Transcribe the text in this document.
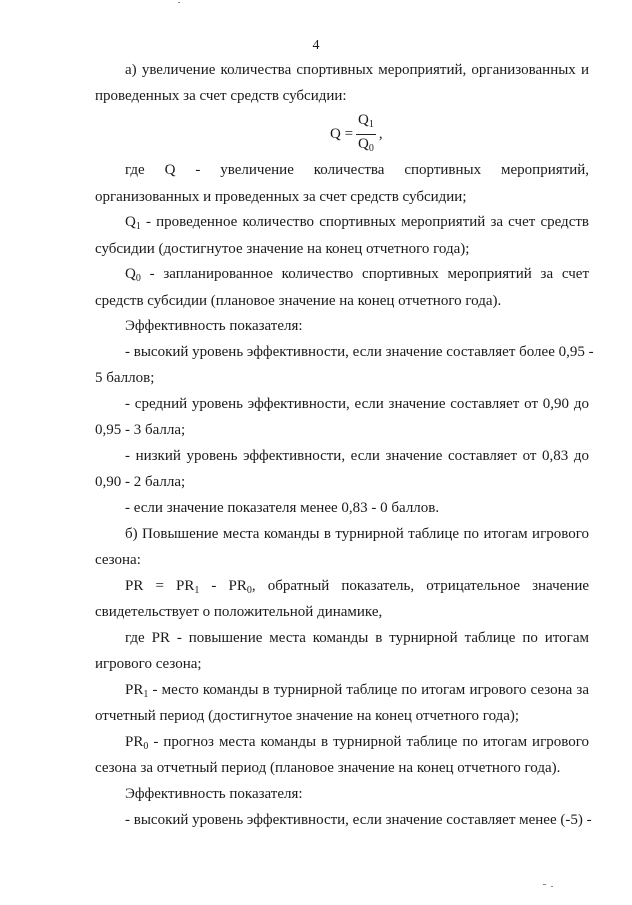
4
$Q = \frac{Q_1}{Q_0}$ ,
а) увеличение количества спортивных мероприятий, организованных и
проведенных за счет средств субсидии:
где Q - увеличение количества спортивных мероприятий,
организованных и проведенных за счет средств субсидии;
$Q_1$ - проведенное количество спортивных мероприятий за счет средств
субсидии (достигнутое значение на конец отчетного года);
$Q_0$ - запланированное количество спортивных мероприятий за счет
средств субсидии (плановое значение на конец отчетного года).
Эффективность показателя:
- высокий уровень эффективности, если значение составляет более 0,95 -
5 баллов;
- средний уровень эффективности, если значение составляет от 0,90 до
0,95 - 3 балла;
- низкий уровень эффективности, если значение составляет от 0,83 до
0,90 - 2 балла;
- если значение показателя менее 0,83 - 0 баллов.
б) Повышение места команды в турнирной таблице по итогам игрового
сезона:
PR = $PR_1 - PR_0$, обратный показатель, отрицательное значение
свидетельствует о положительной динамике,
где PR - повышение места команды в турнирной таблице по итогам
игрового сезона;
$PR_1$ - место команды в турнирной таблице по итогам игрового сезона за
отчетный период (достигнутое значение на конец отчетного года);
$PR_0$ - прогноз места команды в турнирной таблице по итогам игрового
сезона за отчетный период (плановое значение на конец отчетного года).
Эффективность показателя:
- высокий уровень эффективности, если значение составляет менее (-5) -
